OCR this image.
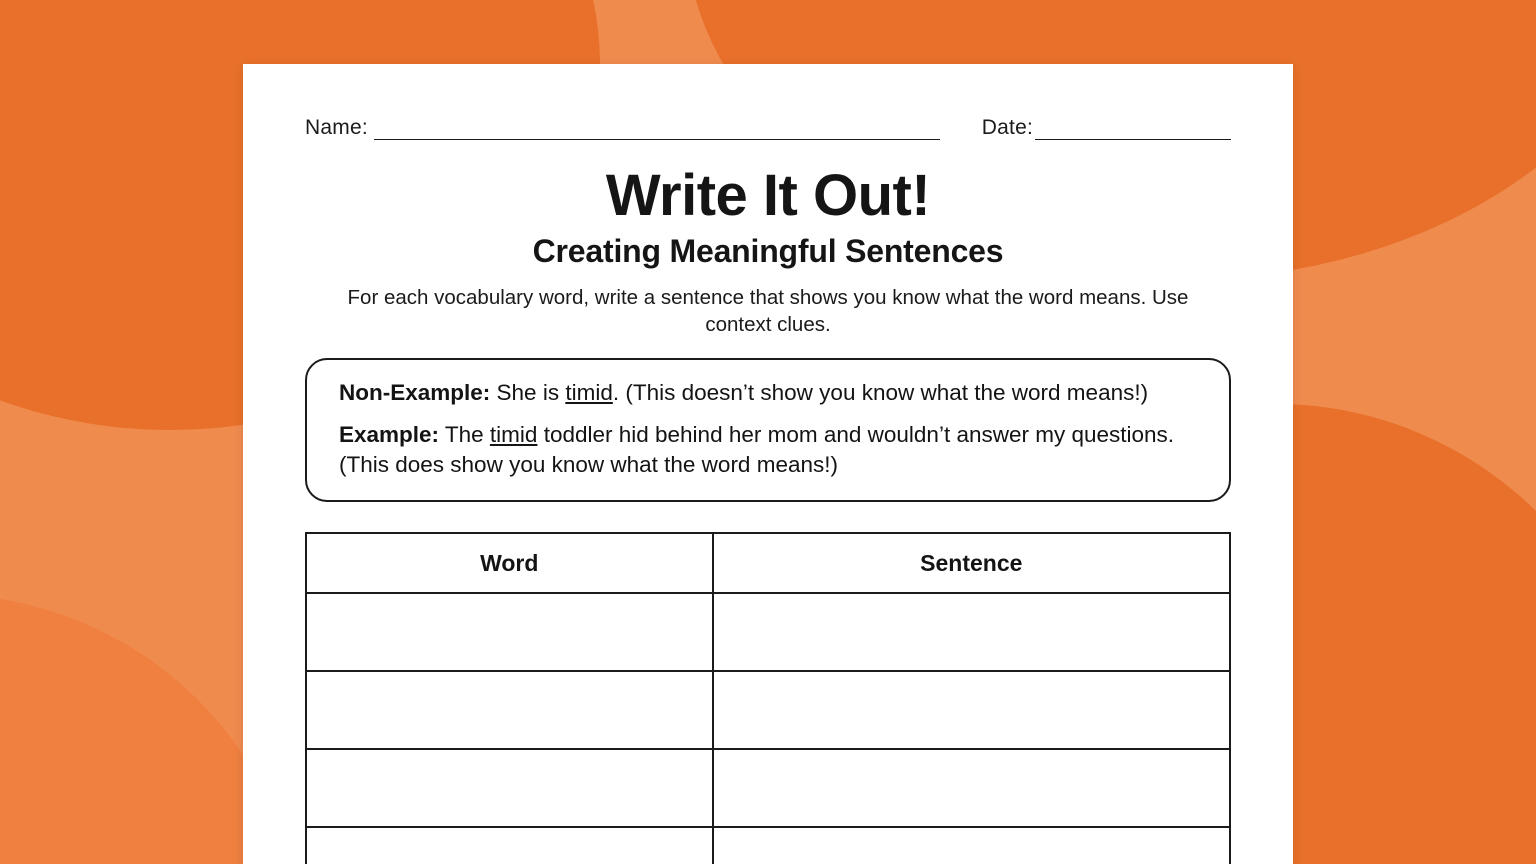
Name:	Date:
Write It Out!
Creating Meaningful Sentences
For each vocabulary word, write a sentence that shows you know what the word means. Use context clues.
Non-Example: She is timid. (This doesn’t show you know what the word means!)
Example: The timid toddler hid behind her mom and wouldn’t answer my questions. (This does show you know what the word means!)
Word	Sentence
